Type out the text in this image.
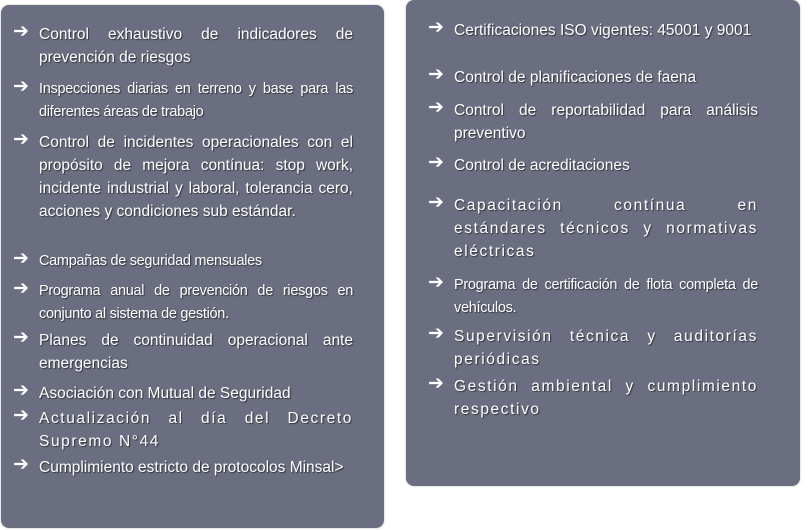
➔ Control exhaustivo de indicadores de prevención de riesgos
➔ Inspecciones diarias en terreno y base para las diferentes áreas de trabajo
➔ Control de incidentes operacionales con el propósito de mejora contínua: stop work, incidente industrial y laboral, tolerancia cero, acciones y condiciones sub estándar.
➔ Campañas de seguridad mensuales
➔ Programa anual de prevención de riesgos en conjunto al sistema de gestión.
➔ Planes de continuidad operacional ante emergencias
➔ Asociación con Mutual de Seguridad
➔ Actualización al día del Decreto Supremo N°44
➔ Cumplimiento estricto de protocolos Minsal>
➔ Certificaciones ISO vigentes: 45001 y 9001
➔ Control de planificaciones de faena
➔ Control de reportabilidad para análisis preventivo
➔ Control de acreditaciones
➔ Capacitación contínua en estándares técnicos y normativas eléctricas
➔ Programa de certificación de flota completa de vehículos.
➔ Supervisión técnica y auditorías periódicas
➔ Gestión ambiental y cumplimiento respectivo
